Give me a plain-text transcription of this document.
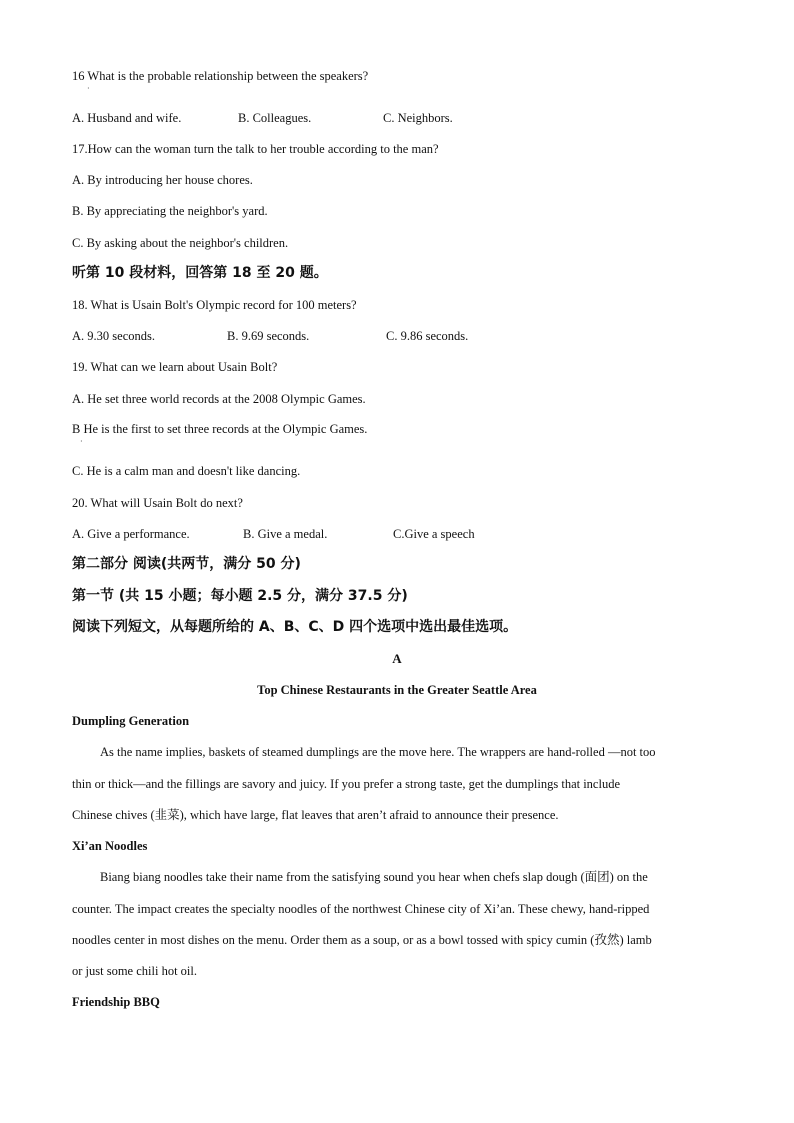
16 What is the probable relationship between the speakers?
·
A. Husband and wife.	B. Colleagues.	C. Neighbors.
17.How can the woman turn the talk to her trouble according to the man?
A. By introducing her house chores.
B. By appreciating the neighbor's yard.
C. By asking about the neighbor's children.
听第 10 段材料，回答第 18 至 20 题。
18. What is Usain Bolt's Olympic record for 100 meters?
A. 9.30 seconds.	B. 9.69 seconds.	C. 9.86 seconds.
19. What can we learn about Usain Bolt?
A. He set three world records at the 2008 Olympic Games.
B He is the first to set three records at the Olympic Games.
·
C. He is a calm man and doesn't like dancing.
20. What will Usain Bolt do next?
A. Give a performance.	B. Give a medal.	C.Give a speech
第二部分 阅读(共两节，满分 50 分)
第一节 (共 15 小题；每小题 2.5 分，满分 37.5 分)
阅读下列短文，从每题所给的 A、B、C、D 四个选项中选出最佳选项。
A
Top Chinese Restaurants in the Greater Seattle Area
Dumpling Generation
As the name implies, baskets of steamed dumplings are the move here. The wrappers are hand-rolled —not too
thin or thick—and the fillings are savory and juicy. If you prefer a strong taste, get the dumplings that include
Chinese chives (韭菜), which have large, flat leaves that aren’t afraid to announce their presence.
Xi’an Noodles
Biang biang noodles take their name from the satisfying sound you hear when chefs slap dough (面团) on the
counter. The impact creates the specialty noodles of the northwest Chinese city of Xi’an. These chewy, hand-ripped
noodles center in most dishes on the menu. Order them as a soup, or as a bowl tossed with spicy cumin (孜然) lamb
or just some chili hot oil.
Friendship BBQ
